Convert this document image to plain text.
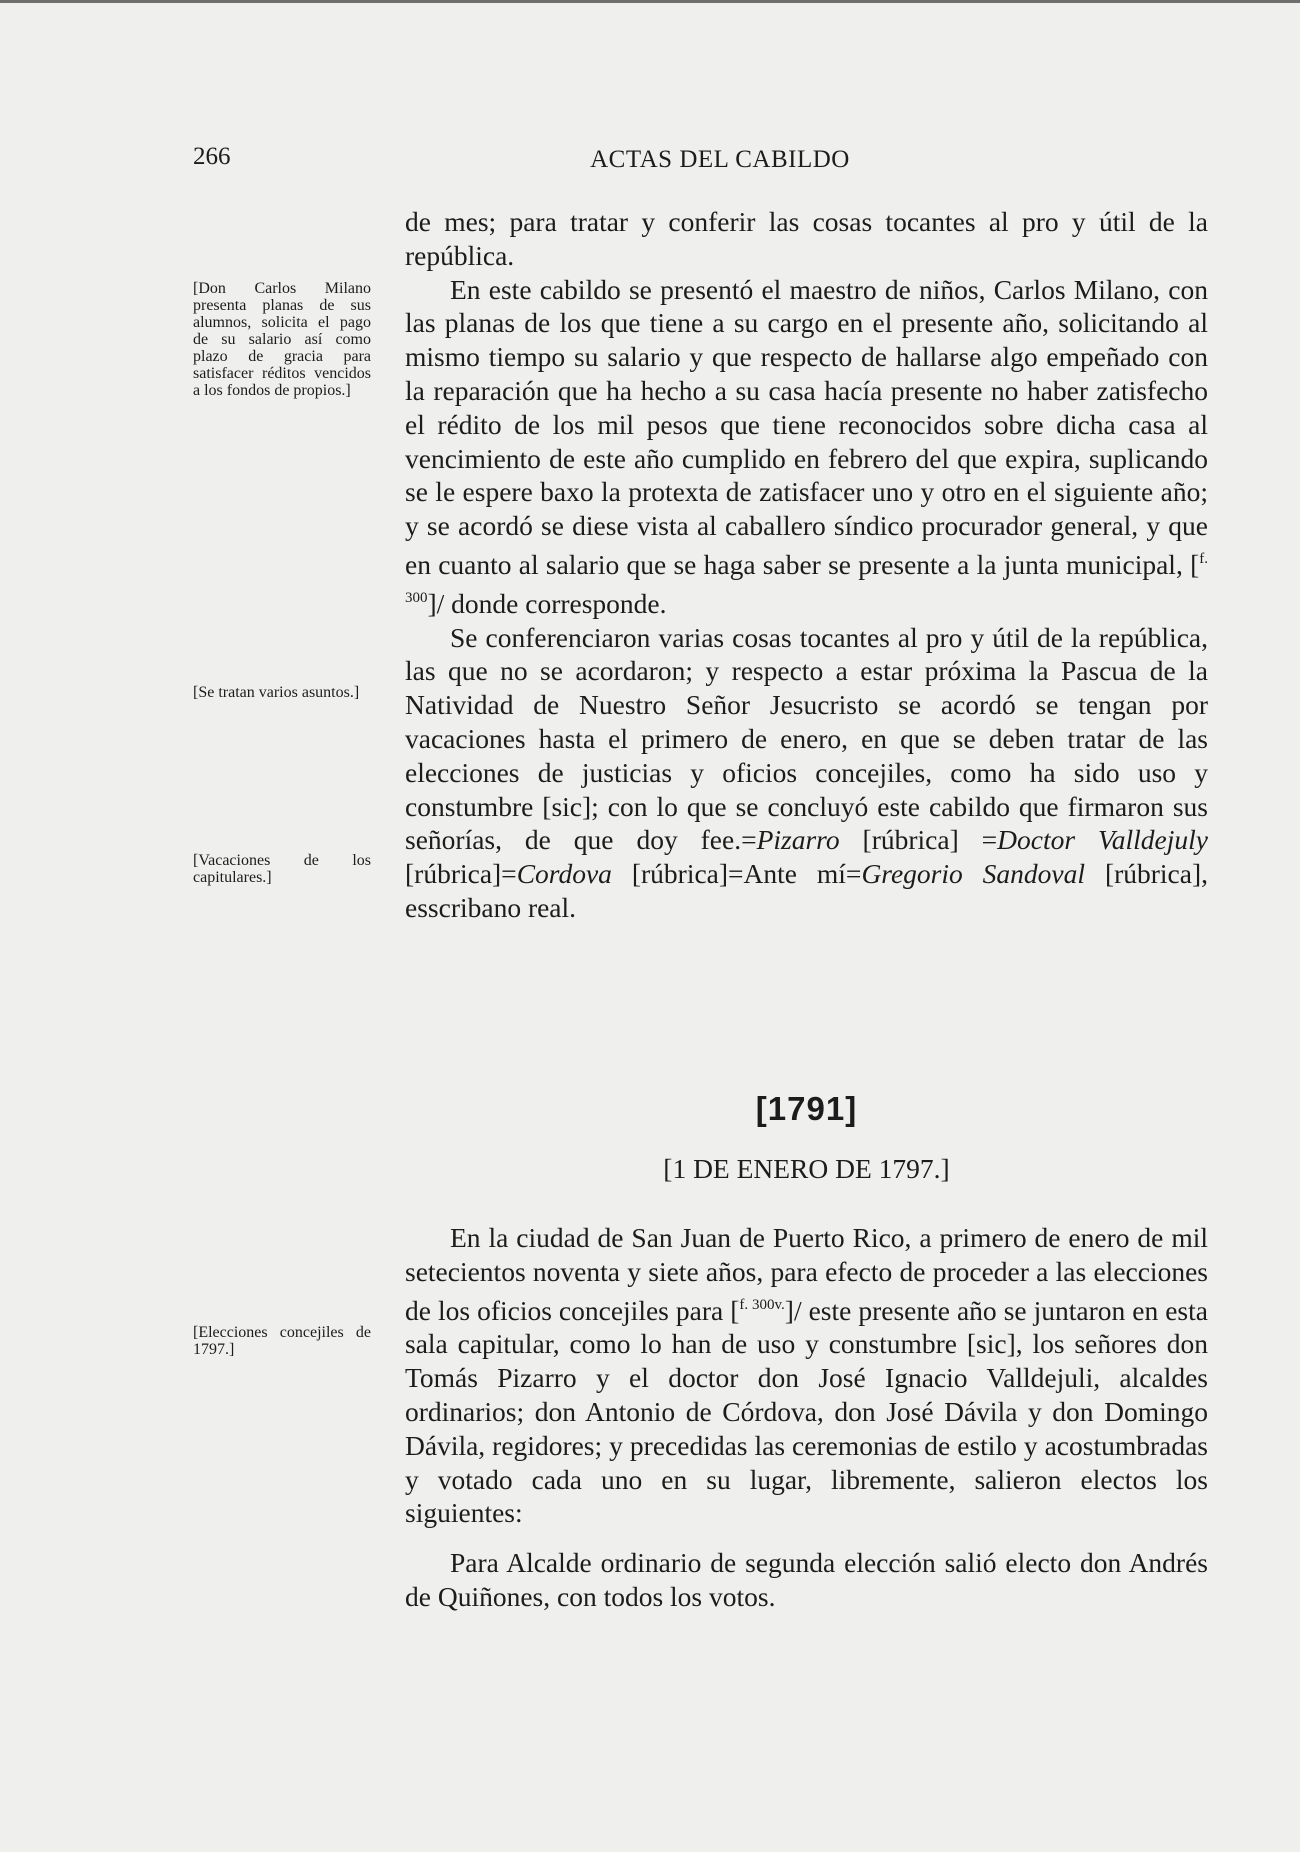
266	ACTAS DEL CABILDO
[Don Carlos Milano presenta planas de sus alumnos, solicita el pago de su salario así como plazo de gracia para satisfacer réditos vencidos a los fondos de propios.]
[Se tratan varios asuntos.]
[Vacaciones de los capitulares.]
[Elecciones concejiles de 1797.]

de mes; para tratar y conferir las cosas tocantes al pro y útil de la república.

En este cabildo se presentó el maestro de niños, Carlos Milano, con las planas de los que tiene a su cargo en el presente año, solicitando al mismo tiempo su salario y que respecto de hallarse algo empeñado con la reparación que ha hecho a su casa hacía presente no haber zatisfecho el rédito de los mil pesos que tiene reconocidos sobre dicha casa al vencimiento de este año cumplido en febrero del que expira, suplicando se le espere baxo la protexta de zatisfacer uno y otro en el siguiente año; y se acordó se diese vista al caballero síndico procurador general, y que en cuanto al salario que se haga saber se presente a la junta municipal, [$^{f. 300}$]/ donde corresponde.

Se conferenciaron varias cosas tocantes al pro y útil de la república, las que no se acordaron; y respecto a estar próxima la Pascua de la Natividad de Nuestro Señor Jesucristo se acordó se tengan por vacaciones hasta el primero de enero, en que se deben tratar de las elecciones de justicias y oficios concejiles, como ha sido uso y constumbre [sic]; con lo que se concluyó este cabildo que firmaron sus señorías, de que doy fee.=Pizarro [rúbrica] =Doctor Valldejuly [rúbrica]=Cordova [rúbrica]=Ante mí=Gregorio Sandoval [rúbrica], esscribano real.

[1791]
[1 DE ENERO DE 1797.]

En la ciudad de San Juan de Puerto Rico, a primero de enero de mil setecientos noventa y siete años, para efecto de proceder a las elecciones de los oficios concejiles para [$^{f. 300v.}$]/ este presente año se juntaron en esta sala capitular, como lo han de uso y constumbre [sic], los señores don Tomás Pizarro y el doctor don José Ignacio Valldejuli, alcaldes ordinarios; don Antonio de Córdova, don José Dávila y don Domingo Dávila, regidores; y precedidas las ceremonias de estilo y acostumbradas y votado cada uno en su lugar, libremente, salieron electos los siguientes:

Para Alcalde ordinario de segunda elección salió electo don Andrés de Quiñones, con todos los votos.
